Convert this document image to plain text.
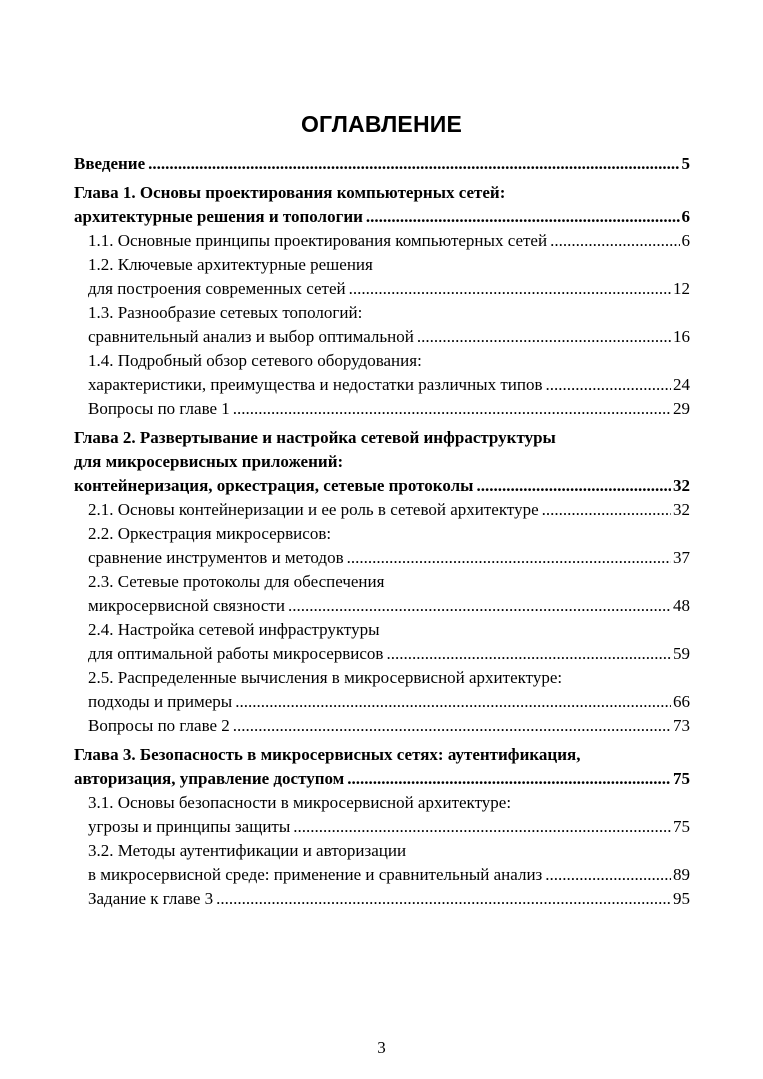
ОГЛАВЛЕНИЕ
Введение .....	5
Глава 1. Основы проектирования компьютерных сетей:
архитектурные решения и топологии .....	6
1.1. Основные принципы проектирования компьютерных сетей .....	6
1.2. Ключевые архитектурные решения
для построения современных сетей .....	12
1.3. Разнообразие сетевых топологий:
сравнительный анализ и выбор оптимальной .....	16
1.4. Подробный обзор сетевого оборудования:
характеристики, преимущества и недостатки различных типов .....	24
Вопросы по главе 1 .....	29
Глава 2. Развертывание и настройка сетевой инфраструктуры
для микросервисных приложений:
контейнеризация, оркестрация, сетевые протоколы .....	32
2.1. Основы контейнеризации и ее роль в сетевой архитектуре .....	32
2.2. Оркестрация микросервисов:
сравнение инструментов и методов .....	37
2.3. Сетевые протоколы для обеспечения
микросервисной связности .....	48
2.4. Настройка сетевой инфраструктуры
для оптимальной работы микросервисов .....	59
2.5. Распределенные вычисления в микросервисной архитектуре:
подходы и примеры .....	66
Вопросы по главе 2 .....	73
Глава 3. Безопасность в микросервисных сетях: аутентификация,
авторизация, управление доступом .....	75
3.1. Основы безопасности в микросервисной архитектуре:
угрозы и принципы защиты .....	75
3.2. Методы аутентификации и авторизации
в микросервисной среде: применение и сравнительный анализ .....	89
Задание к главе 3 .....	95
3
